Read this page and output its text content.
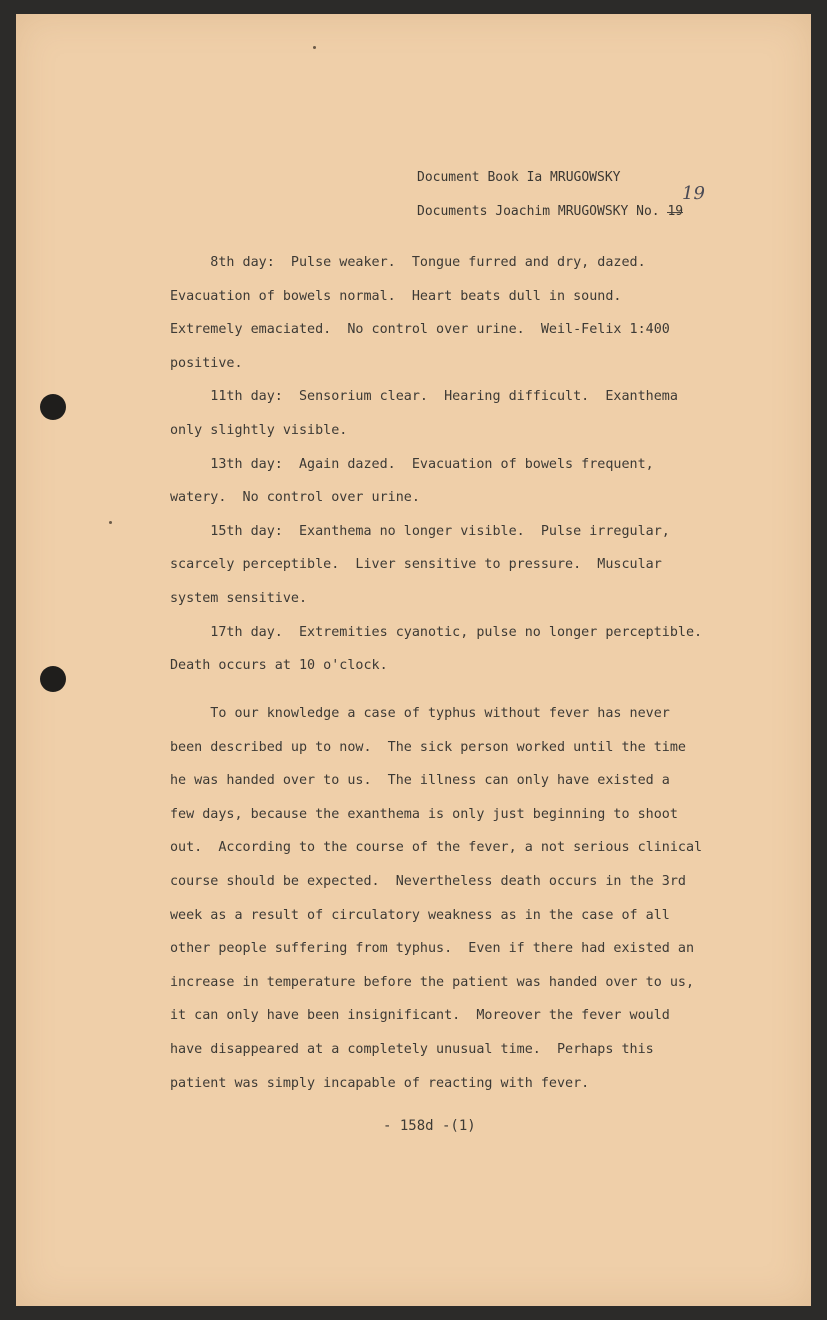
Document Book Ia MRUGOWSKY
Documents Joachim MRUGOWSKY No. 19
19
8th day:  Pulse weaker.  Tongue furred and dry, dazed.
Evacuation of bowels normal.  Heart beats dull in sound.
Extremely emaciated.  No control over urine.  Weil-Felix 1:400
positive.
11th day:  Sensorium clear.  Hearing difficult.  Exanthema
only slightly visible.
13th day:  Again dazed.  Evacuation of bowels frequent,
watery.  No control over urine.
15th day:  Exanthema no longer visible.  Pulse irregular,
scarcely perceptible.  Liver sensitive to pressure.  Muscular
system sensitive.
17th day.  Extremities cyanotic, pulse no longer perceptible.
Death occurs at 10 o'clock.
To our knowledge a case of typhus without fever has never
been described up to now.  The sick person worked until the time
he was handed over to us.  The illness can only have existed a
few days, because the exanthema is only just beginning to shoot
out.  According to the course of the fever, a not serious clinical
course should be expected.  Nevertheless death occurs in the 3rd
week as a result of circulatory weakness as in the case of all
other people suffering from typhus.  Even if there had existed an
increase in temperature before the patient was handed over to us,
it can only have been insignificant.  Moreover the fever would
have disappeared at a completely unusual time.  Perhaps this
patient was simply incapable of reacting with fever.
- 158d -(1)
